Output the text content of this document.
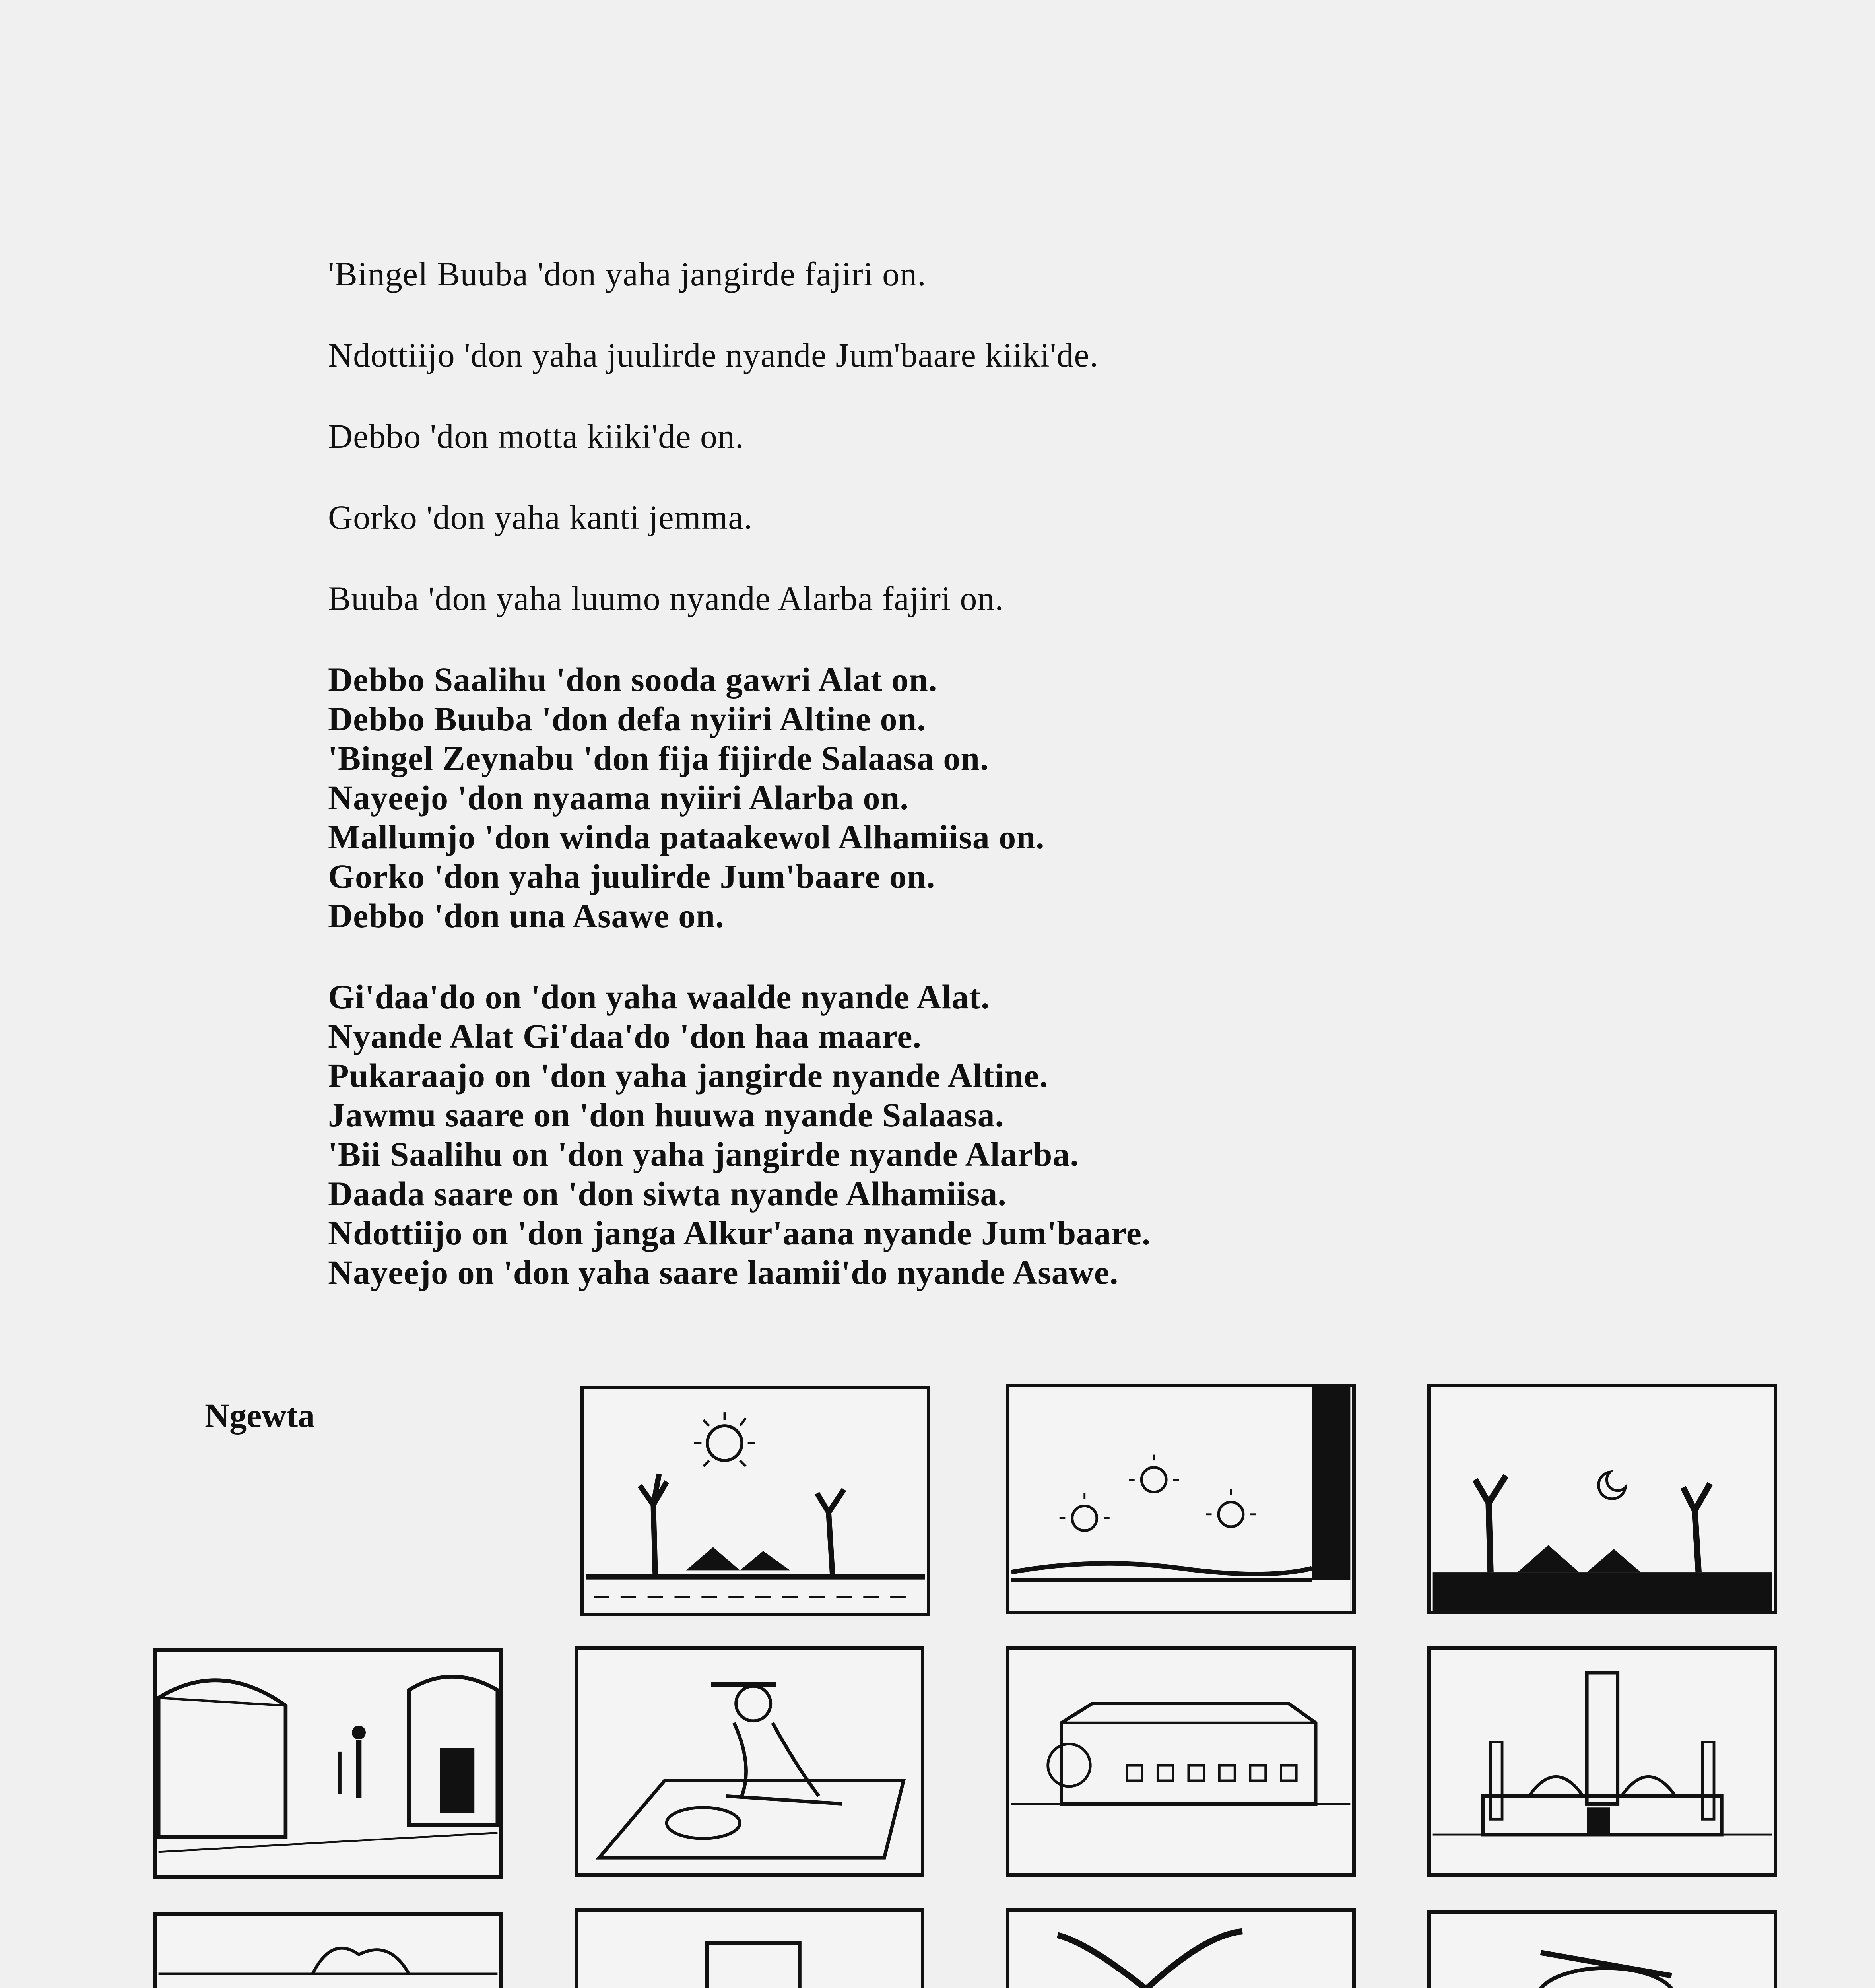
'Bingel Buuba 'don yaha jangirde fajiri on.
Ndottiijo 'don yaha juulirde nyande Jum'baare kiiki'de.
Debbo 'don motta kiiki'de on.
Gorko 'don yaha kanti jemma.
Buuba 'don yaha luumo nyande Alarba fajiri on.
Debbo Saalihu 'don sooda gawri Alat on.
Debbo Buuba 'don defa nyiiri Altine on.
'Bingel Zeynabu 'don fija fijirde Salaasa on.
Nayeejo 'don nyaama nyiiri Alarba on.
Mallumjo 'don winda pataakewol Alhamiisa on.
Gorko 'don yaha juulirde Jum'baare on.
Debbo 'don una Asawe on.
Gi'daa'do on 'don yaha waalde nyande Alat.
Nyande Alat Gi'daa'do 'don haa maare.
Pukaraajo on 'don yaha jangirde nyande Altine.
Jawmu saare on 'don huuwa nyande Salaasa.
'Bii Saalihu on 'don yaha jangirde nyande Alarba.
Daada saare on 'don siwta nyande Alhamiisa.
Ndottiijo on 'don janga Alkur'aana nyande Jum'baare.
Nayeejo on 'don yaha saare laamii'do nyande Asawe.
Ngewta
